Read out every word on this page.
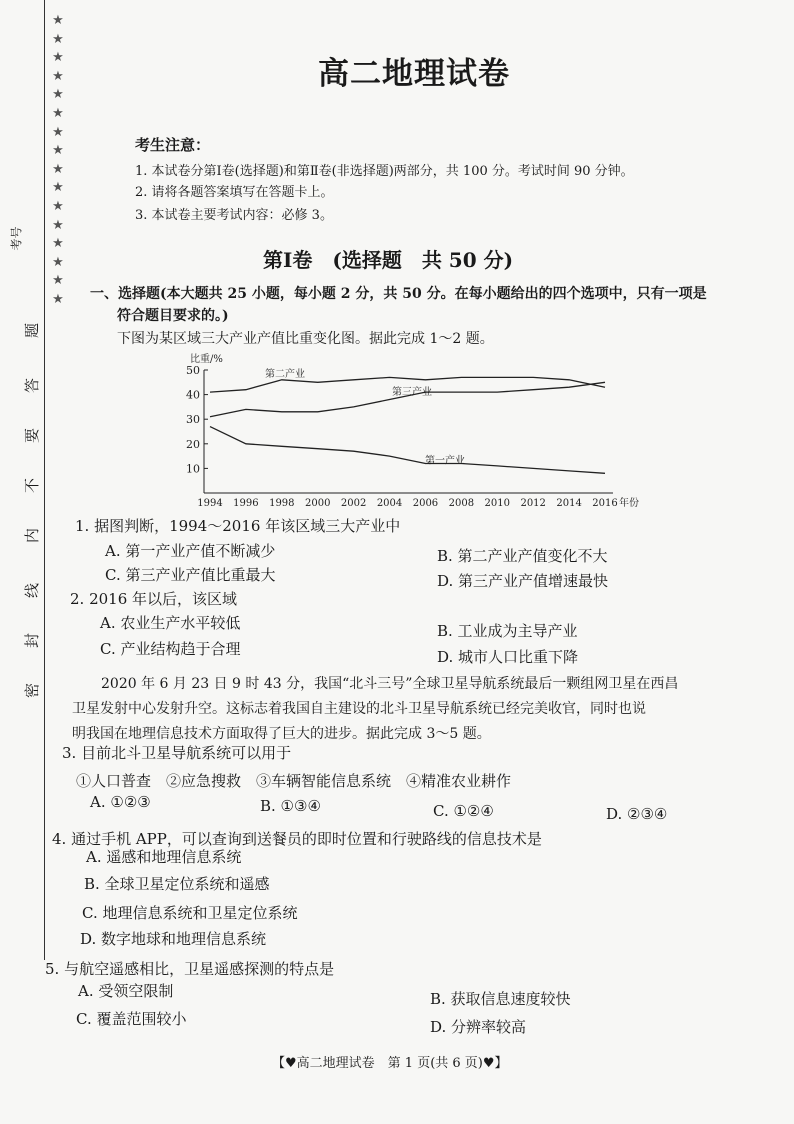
★
★
★
★
★
★
★
★
★
★
★
★
★
★
★
★
考号
题
答
要
不
内
线
封
密
高二地理试卷
考生注意：
1. 本试卷分第Ⅰ卷(选择题)和第Ⅱ卷(非选择题)两部分，共 100 分。考试时间 90 分钟。
2. 请将各题答案填写在答题卡上。
3. 本试卷主要考试内容：必修 3。
第Ⅰ卷　(选择题　共 50 分)
一、选择题(本大题共 25 小题，每小题 2 分，共 50 分。在每小题给出的四个选项中，只有一项是
符合题目要求的。)
下图为某区域三大产业产值比重变化图。据此完成 1～2 题。
比重/%
50
40
30
20
10
1994 1996 1998 2000 2002 2004 2006 2008 2010 2012 2014 2016 年份
第二产业
第三产业
第一产业
1. 据图判断，1994～2016 年该区域三大产业中
A. 第一产业产值不断减少	B. 第二产业产值变化不大
C. 第三产业产值比重最大	D. 第三产业产值增速最快
2. 2016 年以后，该区域
A. 农业生产水平较低	B. 工业成为主导产业
C. 产业结构趋于合理	D. 城市人口比重下降
2020 年 6 月 23 日 9 时 43 分，我国“北斗三号”全球卫星导航系统最后一颗组网卫星在西昌
卫星发射中心发射升空。这标志着我国自主建设的北斗卫星导航系统已经完美收官，同时也说
明我国在地理信息技术方面取得了巨大的进步。据此完成 3～5 题。
3. 目前北斗卫星导航系统可以用于
①人口普查　②应急搜救　③车辆智能信息系统　④精准农业耕作
A. ①②③	B. ①③④	C. ①②④	D. ②③④
4. 通过手机 APP，可以查询到送餐员的即时位置和行驶路线的信息技术是
A. 遥感和地理信息系统
B. 全球卫星定位系统和遥感
C. 地理信息系统和卫星定位系统
D. 数字地球和地理信息系统
5. 与航空遥感相比，卫星遥感探测的特点是
A. 受领空限制	B. 获取信息速度较快
C. 覆盖范围较小	D. 分辨率较高
【♥高二地理试卷　第 1 页(共 6 页)♥】
